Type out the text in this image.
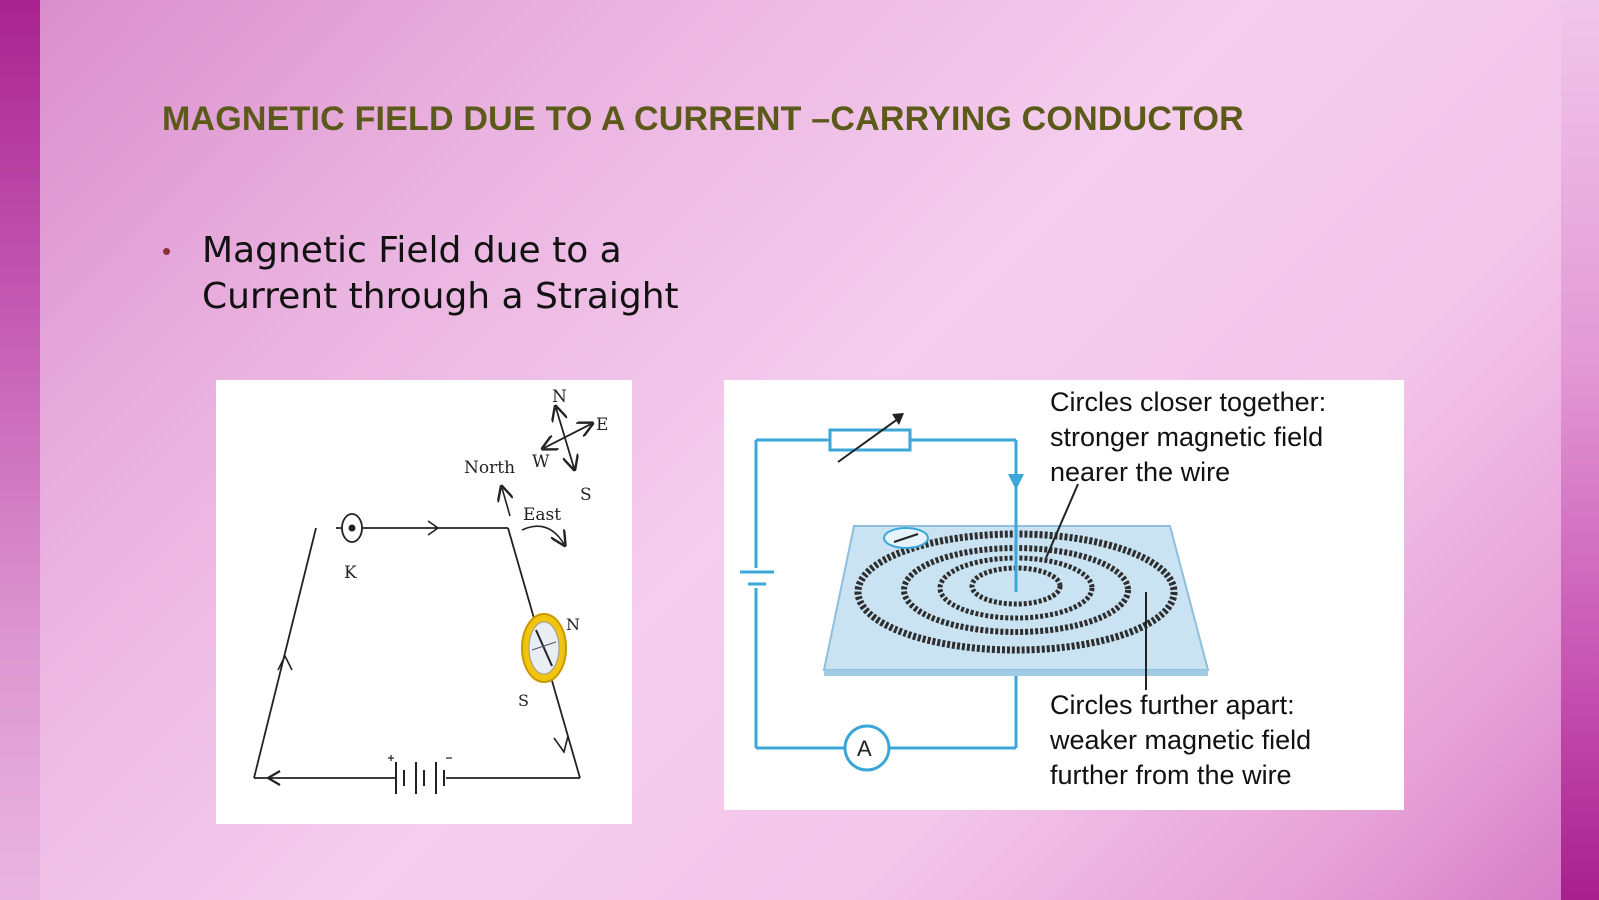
MAGNETIC FIELD DUE TO A CURRENT –CARRYING CONDUCTOR
• Magnetic Field due to a Current through a Straight
N
E
W
S
North
East
K
N
S
A
Circles closer together:
stronger magnetic field
nearer the wire
Circles further apart:
weaker magnetic field
further from the wire
